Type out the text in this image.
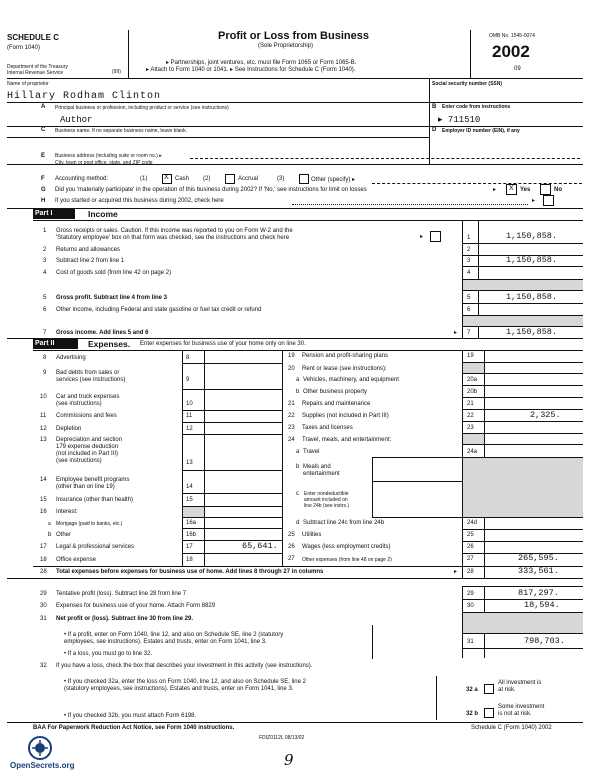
SCHEDULE C
(Form 1040)
Department of the Treasury
Internal Revenue Service	(99)
Profit or Loss from Business
(Sole Proprietorship)
▸ Partnerships, joint ventures, etc. must file Form 1065 or Form 1065-B.
▸ Attach to Form 1040 or 1041. ▸ See Instructions for Schedule C (Form 1040).
OMB No. 1545-0074
2002
09
Name of proprietor
Hillary Rodham Clinton
Social security number (SSN)
A Principal business or profession, including product or service (see instructions)
Author
B Enter code from instructions
▸ 711510
C Business name. If no separate business name, leave blank.	D Employer ID number (EIN), if any
E Business address (including suite or room no.) ▸
City, town or post office, state, and ZIP code
F Accounting method:	(1) X Cash (2)	Accrual	(3)	Other (specify) ▸
G Did you 'materially participate' in the operation of this business during 2002? If 'No,' see instructions for limit on losses	▸ X Yes	No
H If you started or acquired this business during 2002, check here	▸
Part I	Income
1 Gross receipts or sales. Caution. If this income was reported to you on Form W-2 and the
'Statutory employee' box on that form was checked, see the instructions and check here	▸	1	1,150,858.
2 Returns and allowances	2
3 Subtract line 2 from line 1	3	1,150,858.
4 Cost of goods sold (from line 42 on page 2)	4
5 Gross profit. Subtract line 4 from line 3	5	1,150,858.
6 Other income, including Federal and state gasoline or fuel tax credit or refund	6
7 Gross income. Add lines 5 and 6	▸ 7	1,150,858.
Part II	Expenses. Enter expenses for business use of your home only on line 30.
8 Advertising	8
9 Bad debts from sales or
services (see instructions)	9
10 Car and truck expenses
(see instructions)	10
11 Commissions and fees	11
12 Depletion	12
13 Depreciation and section
179 expense deduction
(not included in Part III)
(see instructions)	13
14 Employee benefit programs
(other than on line 19)	14
15 Insurance (other than health)	15
16 Interest:
a Mortgage (paid to banks, etc.)	16a
b Other	16b
17 Legal & professional services	17	65,641.
18 Office expense	18
19 Pension and profit-sharing plans	19
20 Rent or lease (see instructions):
a Vehicles, machinery, and equipment	20a
b Other business property	20b
21 Repairs and maintenance	21
22 Supplies (not included in Part III)	22	2,325.
23 Taxes and licenses	23
24 Travel, meals, and entertainment:
a Travel	24a
b Meals and
entertainment
c Enter nondeductible
amount included on
line 24b (see instrs.)
d Subtract line 24c from line 24b	24d
25 Utilities	25
26 Wages (less employment credits)	26
27 Other expenses (from line 48 on page 2)	27	265,595.
28 Total expenses before expenses for business use of home. Add lines 8 through 27 in columns	▸ 28	333,561.
29 Tentative profit (loss). Subtract line 28 from line 7	29	817,297.
30 Expenses for business use of your home. Attach Form 8829	30	18,594.
31 Net profit or (loss). Subtract line 30 from line 29.
• If a profit, enter on Form 1040, line 12, and also on Schedule SE, line 2 (statutory
employees, see instructions). Estates and trusts, enter on Form 1041, line 3.
• If a loss, you must go to line 32.
31	798,703.
32 If you have a loss, check the box that describes your investment in this activity (see instructions).
• If you checked 32a, enter the loss on Form 1040, line 12, and also on Schedule SE, line 2
(statutory employees, see instructions). Estates and trusts, enter on Form 1041, line 3.
• If you checked 32b, you must attach Form 6198.
32 a
All investment is
at risk.
32 b
Some investment
is not at risk.
BAA For Paperwork Reduction Act Notice, see Form 1040 instructions.
FDIZ0112L 08/13/02
Schedule C (Form 1040) 2002
9
OpenSecrets.org
